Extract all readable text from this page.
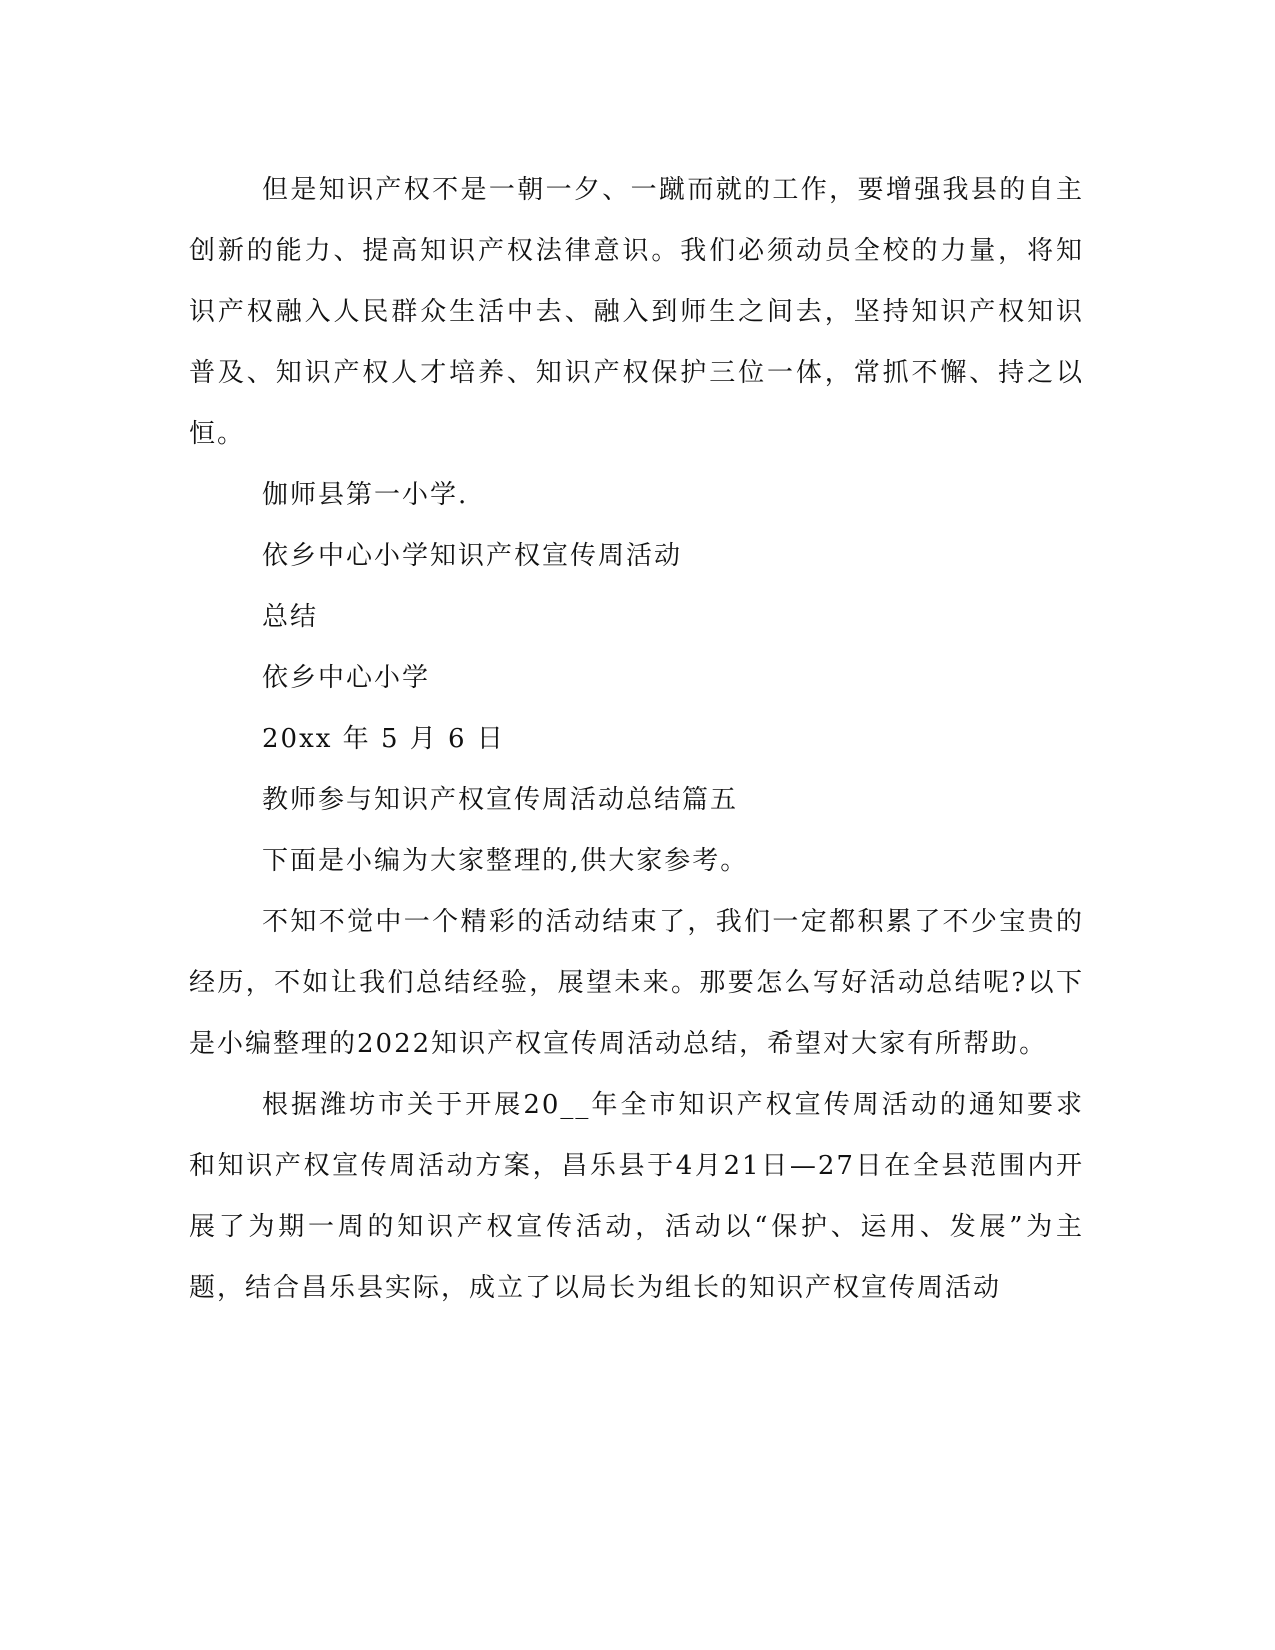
但是知识产权不是一朝一夕、一蹴而就的工作，要增强我县的自主创新的能力、提高知识产权法律意识。我们必须动员全校的力量，将知识产权融入人民群众生活中去、融入到师生之间去，坚持知识产权知识普及、知识产权人才培养、知识产权保护三位一体，常抓不懈、持之以恒。

伽师县第一小学.

依乡中心小学知识产权宣传周活动

总结

依乡中心小学

20xx 年 5 月 6 日

教师参与知识产权宣传周活动总结篇五

下面是小编为大家整理的,供大家参考。

不知不觉中一个精彩的活动结束了，我们一定都积累了不少宝贵的经历，不如让我们总结经验，展望未来。那要怎么写好活动总结呢?以下是小编整理的2022知识产权宣传周活动总结，希望对大家有所帮助。

根据潍坊市关于开展20__年全市知识产权宣传周活动的通知要求和知识产权宣传周活动方案，昌乐县于4月21日—27日在全县范围内开展了为期一周的知识产权宣传活动，活动以“保护、运用、发展”为主题，结合昌乐县实际，成立了以局长为组长的知识产权宣传周活动
